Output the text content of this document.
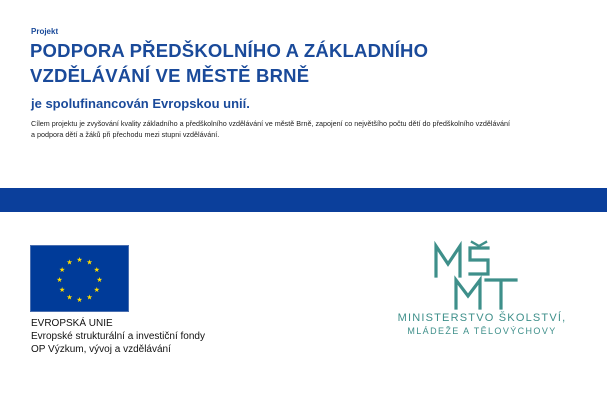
Projekt
PODPORA PŘEDŠKOLNÍHO A ZÁKLADNÍHO
VZDĚLÁVÁNÍ VE MĚSTĚ BRNĚ
je spolufinancován Evropskou unií.
Cílem projektu je zvyšování kvality základního a předškolního vzdělávání ve městě Brně, zapojení co největšího počtu dětí do předškolního vzdělávání
a podpora dětí a žáků při přechodu mezi stupni vzdělávání.
★ ★
★
★
★
★
★
★
★
★
★
★
EVROPSKÁ UNIE
Evropské strukturální a investiční fondy
OP Výzkum, vývoj a vzdělávání
MINISTERSTVO ŠKOLSTVÍ,
MLÁDEŽE A TĚLOVÝCHOVY
